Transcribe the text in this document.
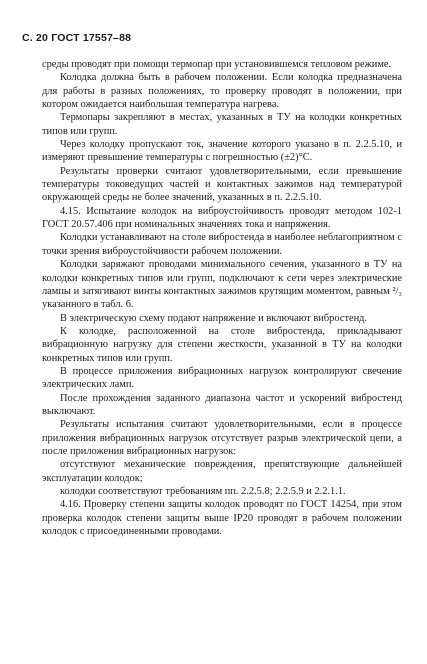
С. 20 ГОСТ 17557–88

среды проводят при помощи термопар при установившемся тепловом режиме.

Колодка должна быть в рабочем положении. Если колодка предназначена для работы в разных положениях, то проверку проводят в положении, при котором ожидается наибольшая температура нагрева.

Термопары закрепляют в местах, указанных в ТУ на колодки конкретных типов или групп.

Через колодку пропускают ток, значение которого указано в п. 2.2.5.10, и измеряют превышение температуры с погрешностью (±2)°С.

Результаты проверки считают удовлетворительными, если превышение температуры токоведущих частей и контактных зажимов над температурой окружающей среды не более значений, указанных в п. 2.2.5.10.

4.15. Испытание колодок на виброустойчивость проводят методом 102-1 ГОСТ 20.57.406 при номинальных значениях тока и напряжения.

Колодки устанавливают на столе вибростенда в наиболее неблагоприятном с точки зрения виброустойчивости рабочем положении.

Колодки заряжают проводами минимального сечения, указанного в ТУ на колодки конкретных типов или групп, подключают к сети через электрические лампы и затягивают винты контактных зажимов крутящим моментом, равным ²/₃ указанного в табл. 6.

В электрическую схему подают напряжение и включают вибростенд.

К колодке, расположенной на столе вибростенда, прикладывают вибрационную нагрузку для степени жесткости, указанной в ТУ на колодки конкретных типов или групп.

В процессе приложения вибрационных нагрузок контролируют свечение электрических ламп.

После прохождения заданного диапазона частот и ускорений вибростенд выключают.

Результаты испытания считают удовлетворительными, если в процессе приложения вибрационных нагрузок отсутствует разрыв электрической цепи, а после приложения вибрационных нагрузок:

отсутствуют механические повреждения, препятствующие дальнейшей эксплуатации колодок;

колодки соответствуют требованиям пп. 2.2.5.8; 2.2.5.9 и 2.2.1.1.

4.16. Проверку степени защиты колодок проводят по ГОСТ 14254, при этом проверка колодок степени защиты выше IP20 проводят в рабочем положении колодок с присоединенными проводами.
